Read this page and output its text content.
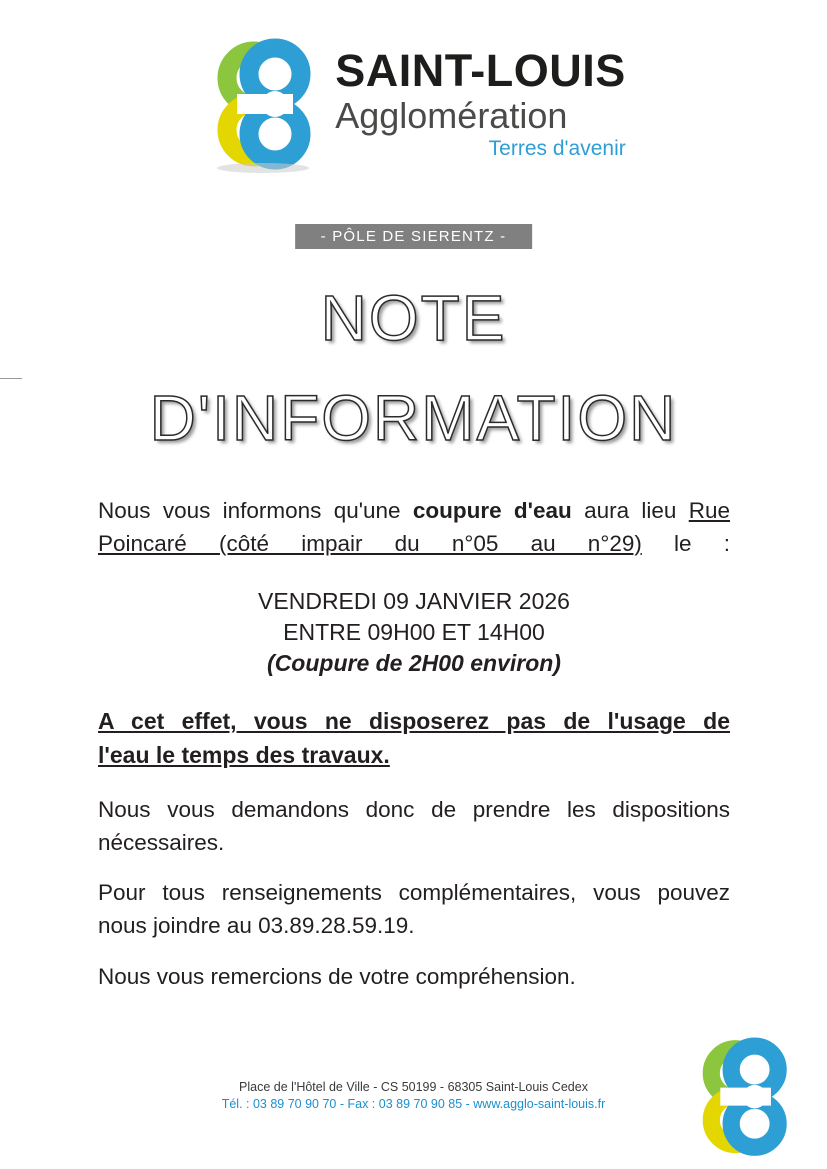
SAINT-LOUIS
Agglomération
Terres d'avenir
- PÔLE DE SIERENTZ -
NOTE
D'INFORMATION

Nous vous informons qu'une coupure d'eau aura lieu Rue Poincaré (côté impair du n°05 au n°29) le :

VENDREDI 09 JANVIER 2026
ENTRE 09H00 ET 14H00
(Coupure de 2H00 environ)

A cet effet, vous ne disposerez pas de l'usage de
l'eau le temps des travaux.

Nous vous demandons donc de prendre les dispositions nécessaires.

Pour tous renseignements complémentaires, vous pouvez nous joindre au 03.89.28.59.19.

Nous vous remercions de votre compréhension.

Place de l'Hôtel de Ville - CS 50199 - 68305 Saint-Louis Cedex
Tél. : 03 89 70 90 70 - Fax : 03 89 70 90 85 - www.agglo-saint-louis.fr
